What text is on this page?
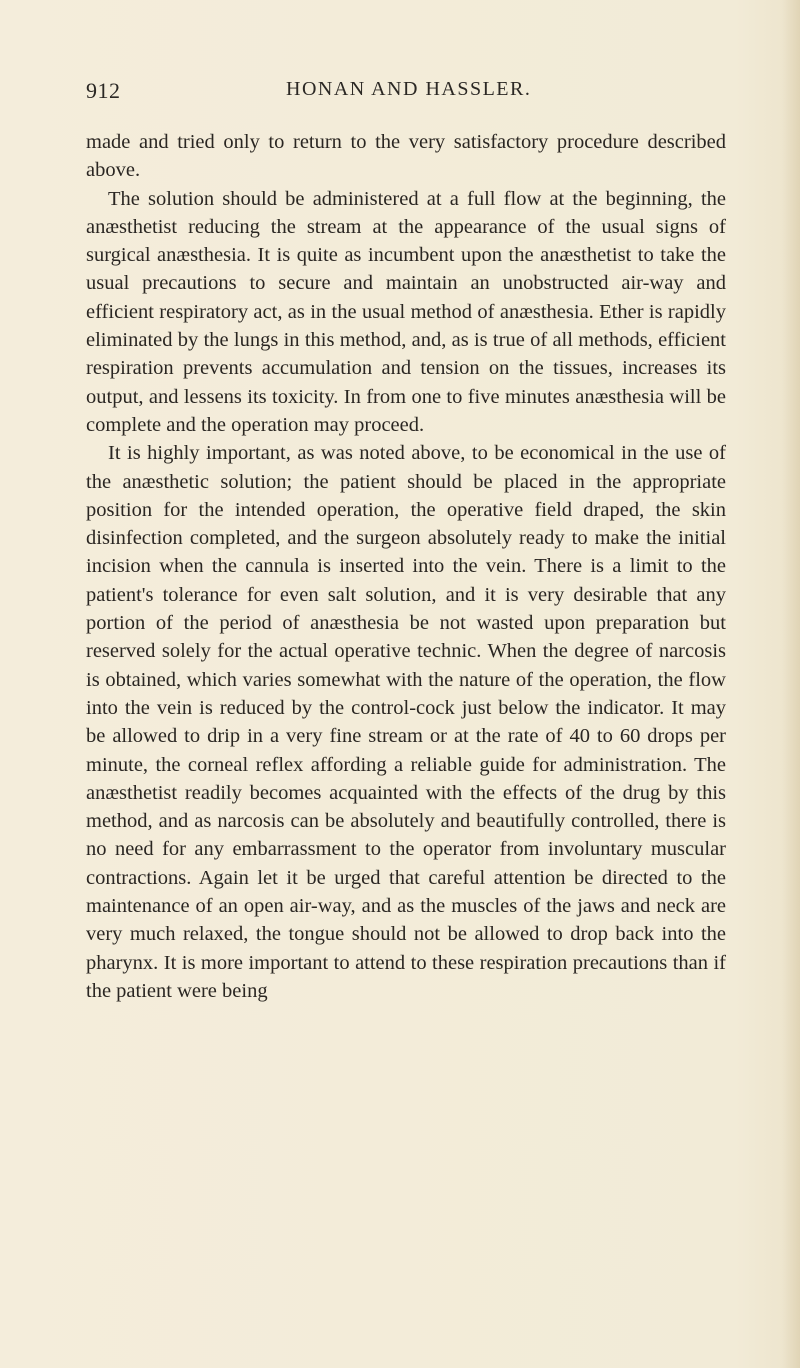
912	HONAN AND HASSLER.

made and tried only to return to the very satisfactory procedure described above.

The solution should be administered at a full flow at the beginning, the anæsthetist reducing the stream at the appearance of the usual signs of surgical anæsthesia. It is quite as incumbent upon the anæsthetist to take the usual precautions to secure and maintain an unobstructed air-way and efficient respiratory act, as in the usual method of anæsthesia. Ether is rapidly eliminated by the lungs in this method, and, as is true of all methods, efficient respiration prevents accumulation and tension on the tissues, increases its output, and lessens its toxicity. In from one to five minutes anæsthesia will be complete and the operation may proceed.

It is highly important, as was noted above, to be economical in the use of the anæsthetic solution; the patient should be placed in the appropriate position for the intended operation, the operative field draped, the skin disinfection completed, and the surgeon absolutely ready to make the initial incision when the cannula is inserted into the vein. There is a limit to the patient's tolerance for even salt solution, and it is very desirable that any portion of the period of anæsthesia be not wasted upon preparation but reserved solely for the actual operative technic. When the degree of narcosis is obtained, which varies somewhat with the nature of the operation, the flow into the vein is reduced by the control-cock just below the indicator. It may be allowed to drip in a very fine stream or at the rate of 40 to 60 drops per minute, the corneal reflex affording a reliable guide for administration. The anæsthetist readily becomes acquainted with the effects of the drug by this method, and as narcosis can be absolutely and beautifully controlled, there is no need for any embarrassment to the operator from involuntary muscular contractions. Again let it be urged that careful attention be directed to the maintenance of an open air-way, and as the muscles of the jaws and neck are very much relaxed, the tongue should not be allowed to drop back into the pharynx. It is more important to attend to these respiration precautions than if the patient were being
